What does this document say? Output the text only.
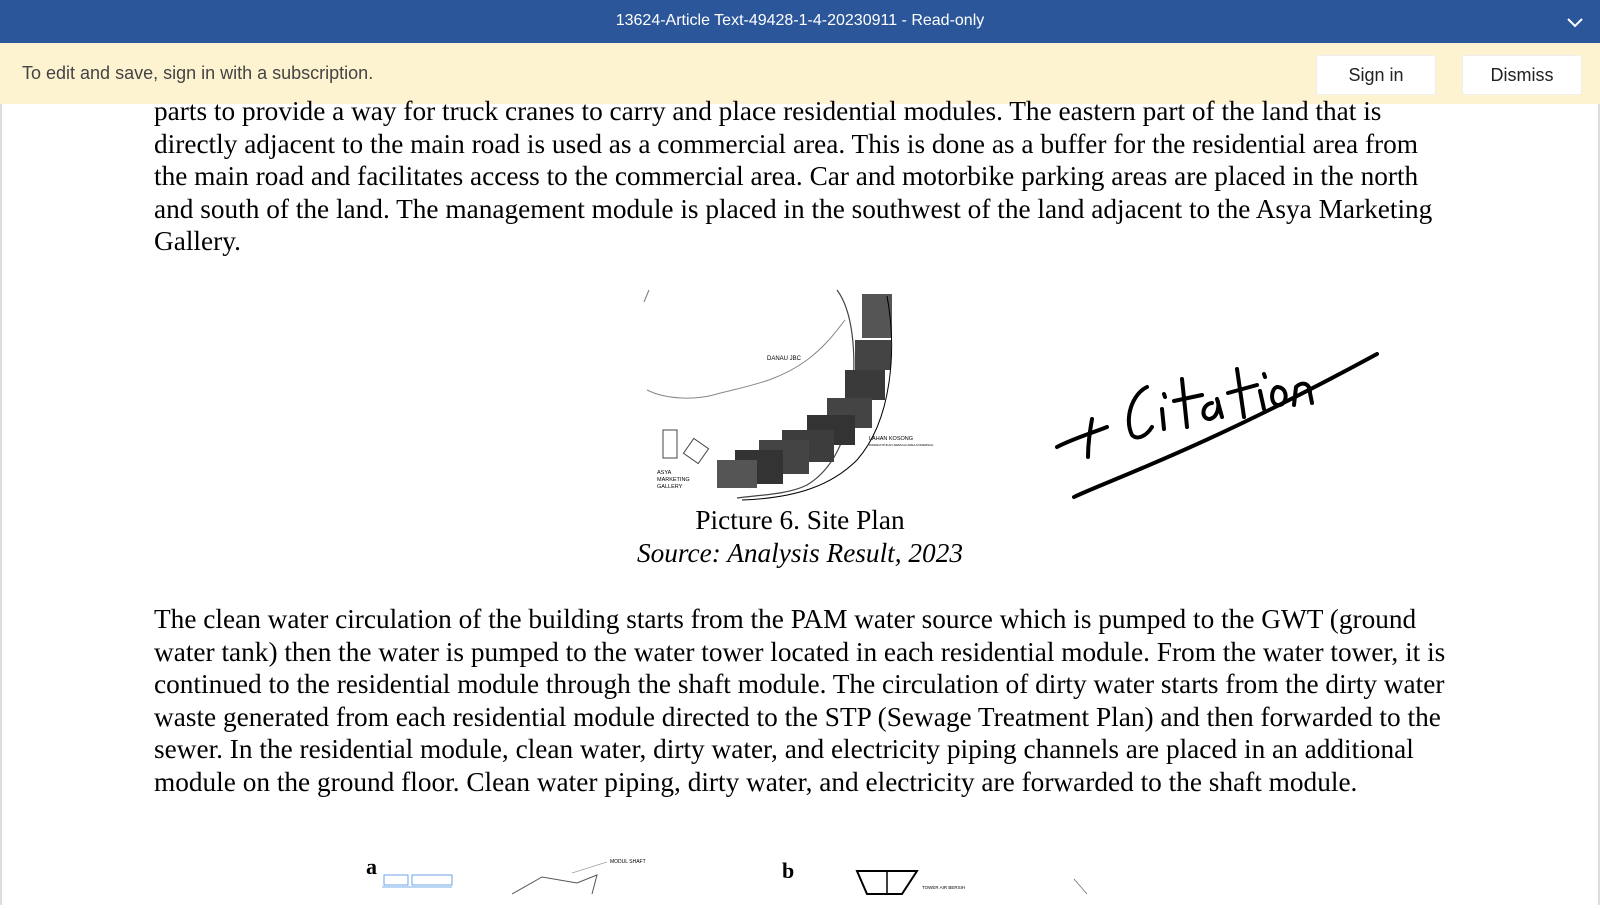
13624-Article Text-49428-1-4-20230911 - Read-only
To edit and save, sign in with a subscription.	Sign in	Dismiss

parts to provide a way for truck cranes to carry and place residential modules. The eastern part of the land that is directly adjacent to the main road is used as a commercial area. This is done as a buffer for the residential area from the main road and facilitates access to the commercial area. Car and motorbike parking areas are placed in the north and south of the land. The management module is placed in the southwest of the land adjacent to the Asya Marketing Gallery.

DANAU JBC
LAHAN KOSONG
DIPERUNTUKAN SEBAGAI AREA KOMERSIAL
ASYA
MARKETING
GALLERY
Picture 6. Site Plan
Source: Analysis Result, 2023

The clean water circulation of the building starts from the PAM water source which is pumped to the GWT (ground water tank) then the water is pumped to the water tower located in each residential module. From the water tower, it is continued to the residential module through the shaft module. The circulation of dirty water starts from the dirty water waste generated from each residential module directed to the STP (Sewage Treatment Plan) and then forwarded to the sewer. In the residential module, clean water, dirty water, and electricity piping channels are placed in an additional module on the ground floor. Clean water piping, dirty water, and electricity are forwarded to the shaft module.

a	b
MODUL SHAFT
TOWER AIR BERSIH
